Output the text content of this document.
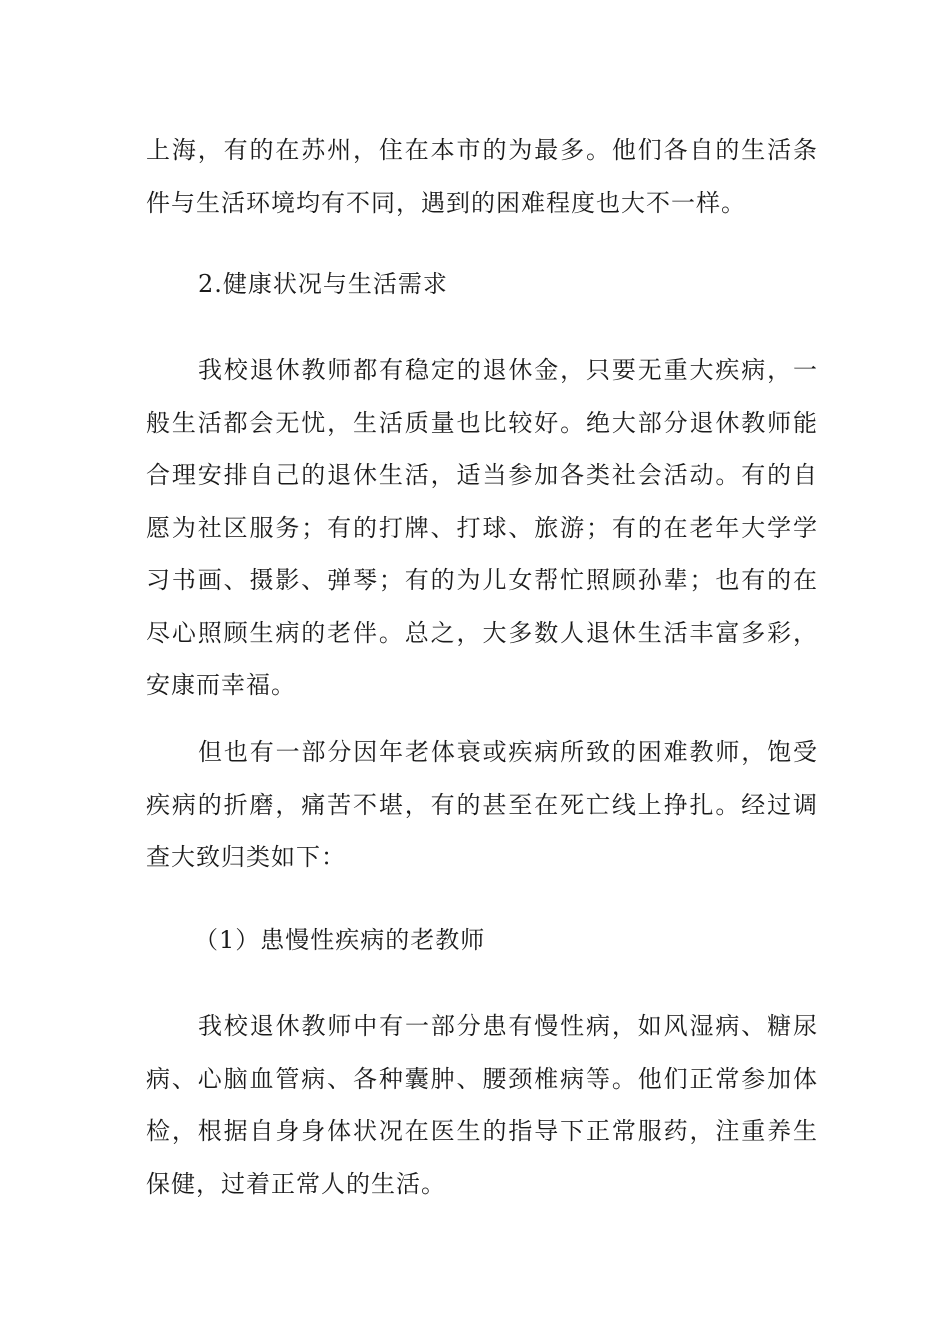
上海，有的在苏州，住在本市的为最多。他们各自的生活条件与生活环境均有不同，遇到的困难程度也大不一样。

2.健康状况与生活需求

我校退休教师都有稳定的退休金，只要无重大疾病，一般生活都会无忧，生活质量也比较好。绝大部分退休教师能合理安排自己的退休生活，适当参加各类社会活动。有的自愿为社区服务；有的打牌、打球、旅游；有的在老年大学学习书画、摄影、弹琴；有的为儿女帮忙照顾孙辈；也有的在尽心照顾生病的老伴。总之，大多数人退休生活丰富多彩，安康而幸福。

但也有一部分因年老体衰或疾病所致的困难教师，饱受疾病的折磨，痛苦不堪，有的甚至在死亡线上挣扎。经过调查大致归类如下：

（1）患慢性疾病的老教师

我校退休教师中有一部分患有慢性病，如风湿病、糖尿病、心脑血管病、各种囊肿、腰颈椎病等。他们正常参加体检，根据自身身体状况在医生的指导下正常服药，注重养生保健，过着正常人的生活。
